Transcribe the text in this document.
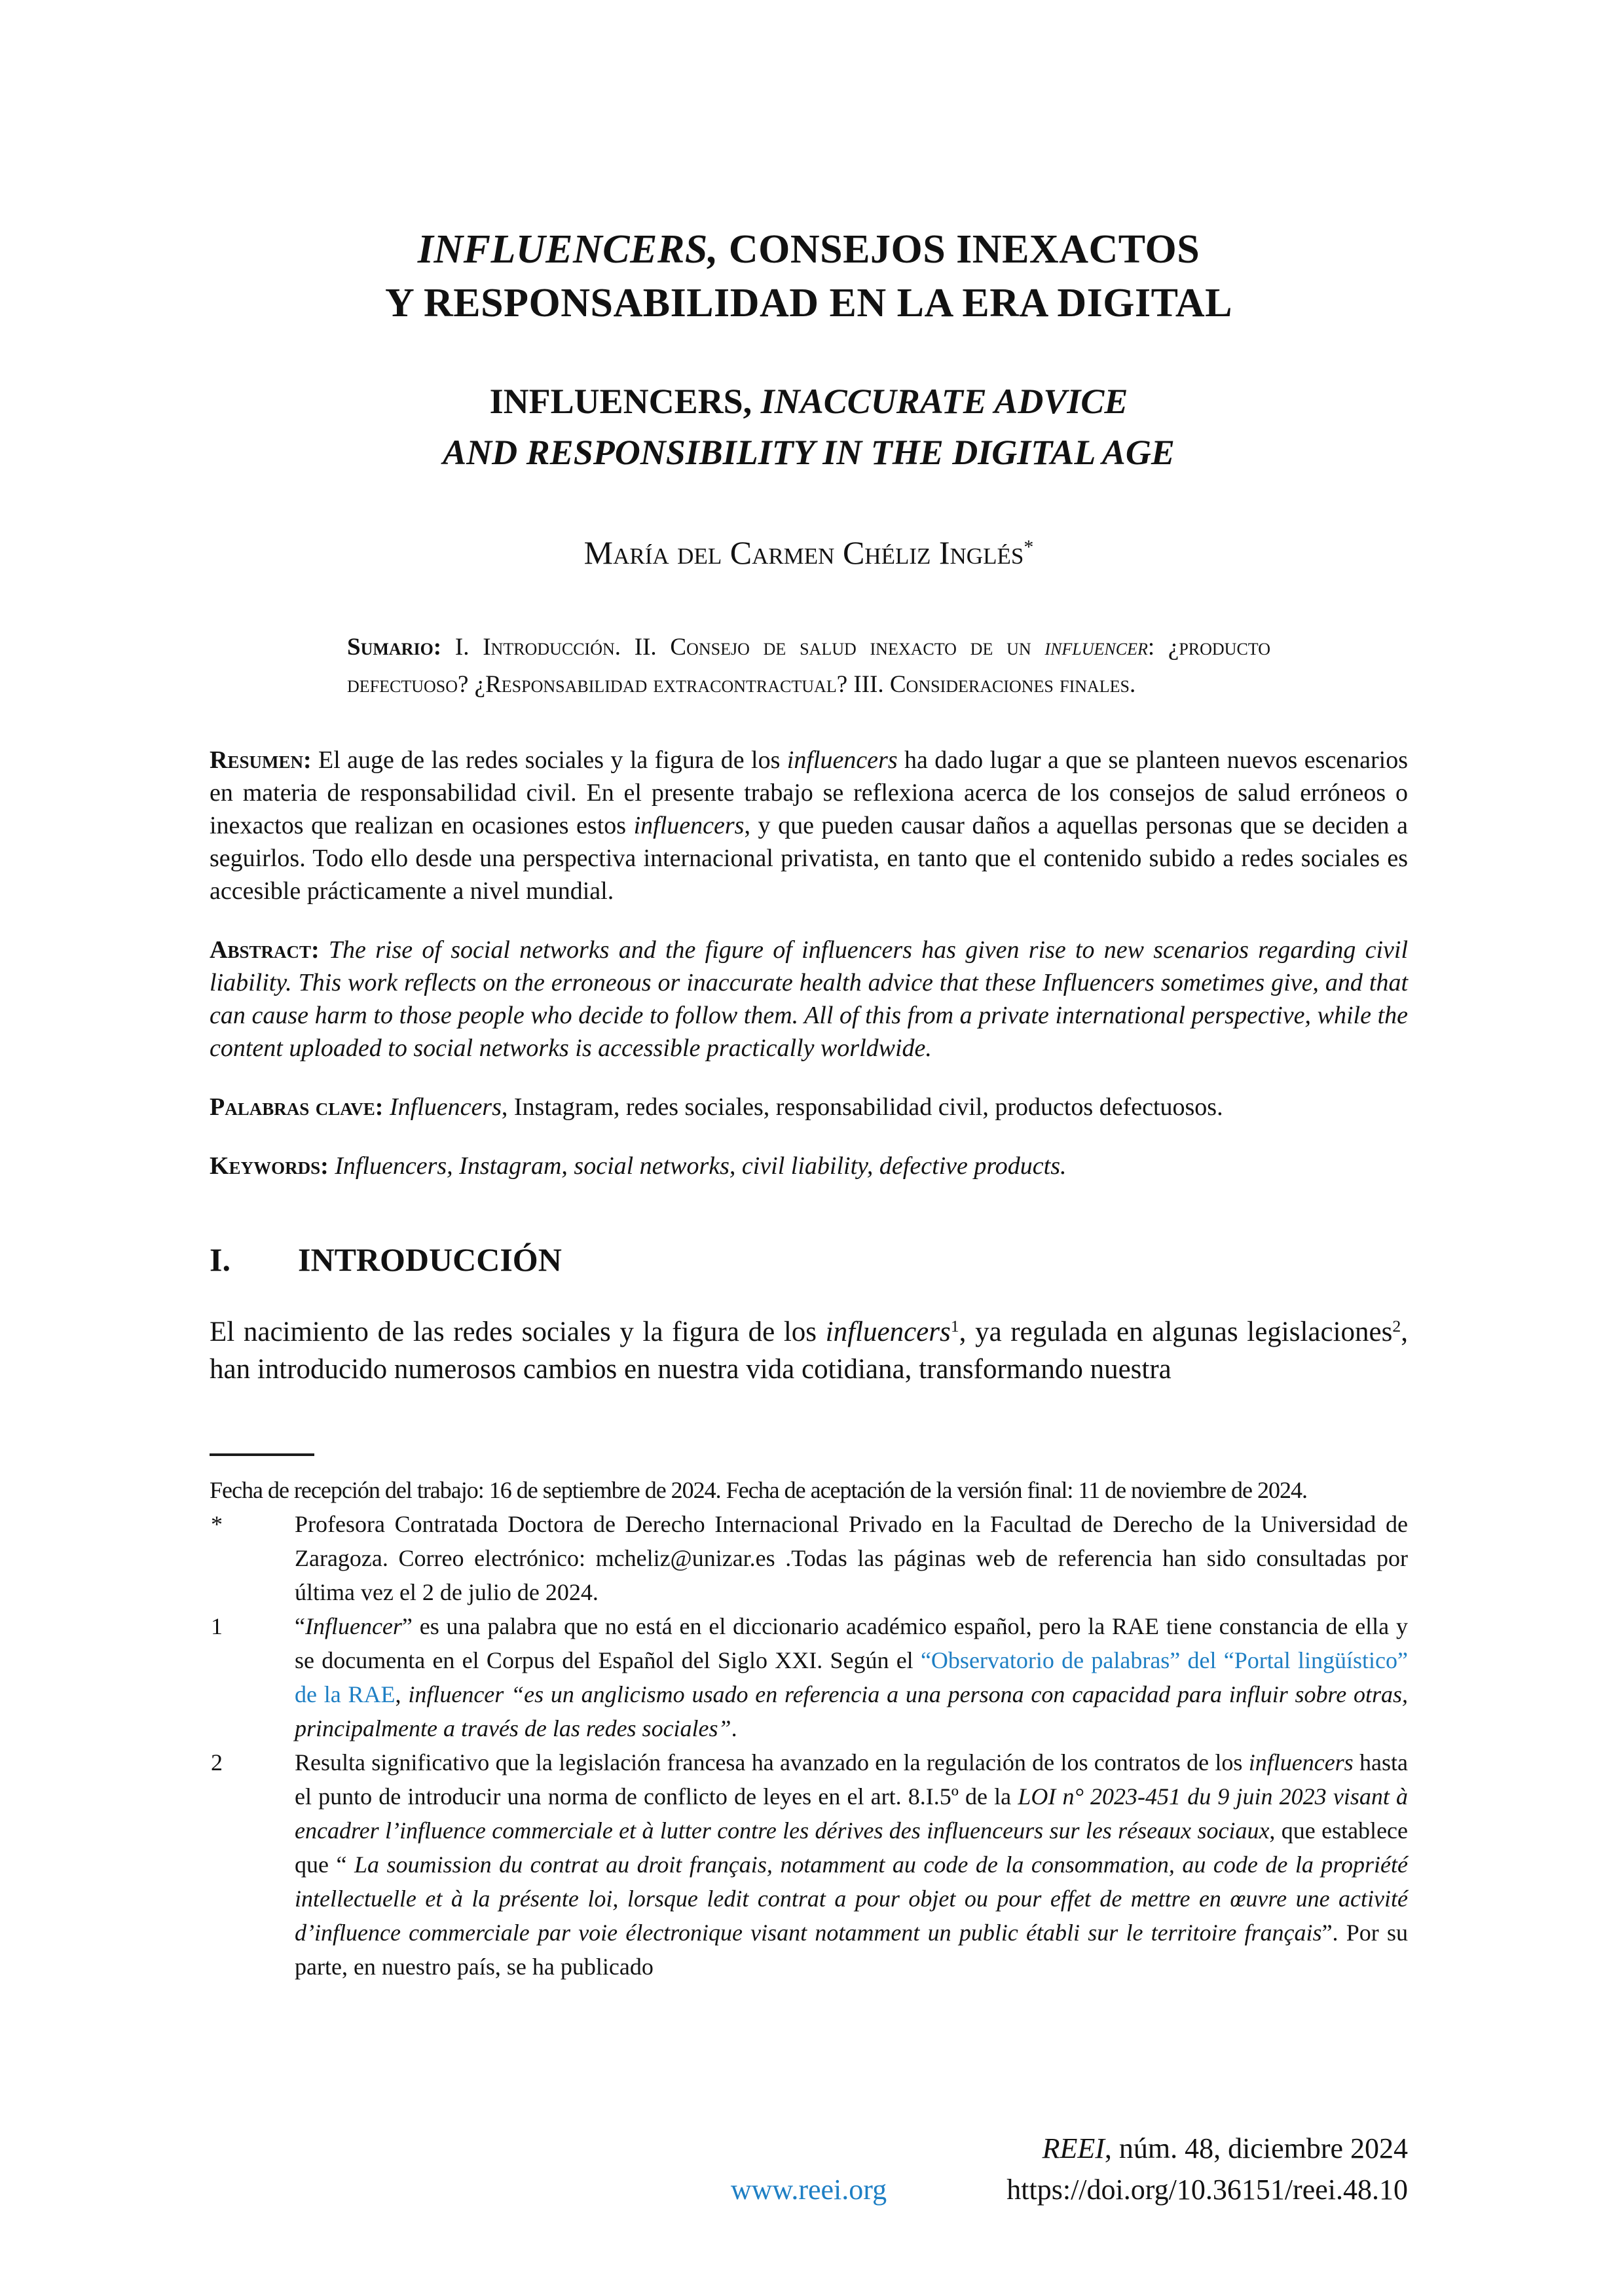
INFLUENCERS, CONSEJOS INEXACTOS
Y RESPONSABILIDAD EN LA ERA DIGITAL
INFLUENCERS, INACCURATE ADVICE
AND RESPONSIBILITY IN THE DIGITAL AGE
María del Carmen Chéliz Inglés*
Sumario: I. Introducción. II. Consejo de salud inexacto de un influencer: ¿producto defectuoso? ¿Responsabilidad extracontractual? III. Consideraciones finales.

Resumen: El auge de las redes sociales y la figura de los influencers ha dado lugar a que se planteen nuevos escenarios en materia de responsabilidad civil. En el presente trabajo se reflexiona acerca de los consejos de salud erróneos o inexactos que realizan en ocasiones estos influencers, y que pueden causar daños a aquellas personas que se deciden a seguirlos. Todo ello desde una perspectiva internacional privatista, en tanto que el contenido subido a redes sociales es accesible prácticamente a nivel mundial.

Abstract: The rise of social networks and the figure of influencers has given rise to new scenarios regarding civil liability. This work reflects on the erroneous or inaccurate health advice that these Influencers sometimes give, and that can cause harm to those people who decide to follow them. All of this from a private international perspective, while the content uploaded to social networks is accessible practically worldwide.

Palabras clave: Influencers, Instagram, redes sociales, responsabilidad civil, productos defectuosos.

Keywords: Influencers, Instagram, social networks, civil liability, defective products.

I. INTRODUCCIÓN

El nacimiento de las redes sociales y la figura de los influencers$^1$, ya regulada en algunas legislaciones$^2$, han introducido numerosos cambios en nuestra vida cotidiana, transformando nuestra

Fecha de recepción del trabajo: 16 de septiembre de 2024. Fecha de aceptación de la versión final: 11 de noviembre de 2024.

*	Profesora Contratada Doctora de Derecho Internacional Privado en la Facultad de Derecho de la Universidad de Zaragoza. Correo electrónico: mcheliz@unizar.es .Todas las páginas web de referencia han sido consultadas por última vez el 2 de julio de 2024.
1	“Influencer” es una palabra que no está en el diccionario académico español, pero la RAE tiene constancia de ella y se documenta en el Corpus del Español del Siglo XXI. Según el “Observatorio de palabras” del “Portal lingüístico” de la RAE, influencer “es un anglicismo usado en referencia a una persona con capacidad para influir sobre otras, principalmente a través de las redes sociales”.
2	Resulta significativo que la legislación francesa ha avanzado en la regulación de los contratos de los influencers hasta el punto de introducir una norma de conflicto de leyes en el art. 8.I.5º de la LOI n° 2023-451 du 9 juin 2023 visant à encadrer l’influence commerciale et à lutter contre les dérives des influenceurs sur les réseaux sociaux, que establece que “ La soumission du contrat au droit français, notamment au code de la consommation, au code de la propriété intellectuelle et à la présente loi, lorsque ledit contrat a pour objet ou pour effet de mettre en œuvre une activité d’influence commerciale par voie électronique visant notamment un public établi sur le territoire français”. Por su parte, en nuestro país, se ha publicado
REEI, núm. 48, diciembre 2024
https://doi.org/10.36151/reei.48.10
www.reei.org
